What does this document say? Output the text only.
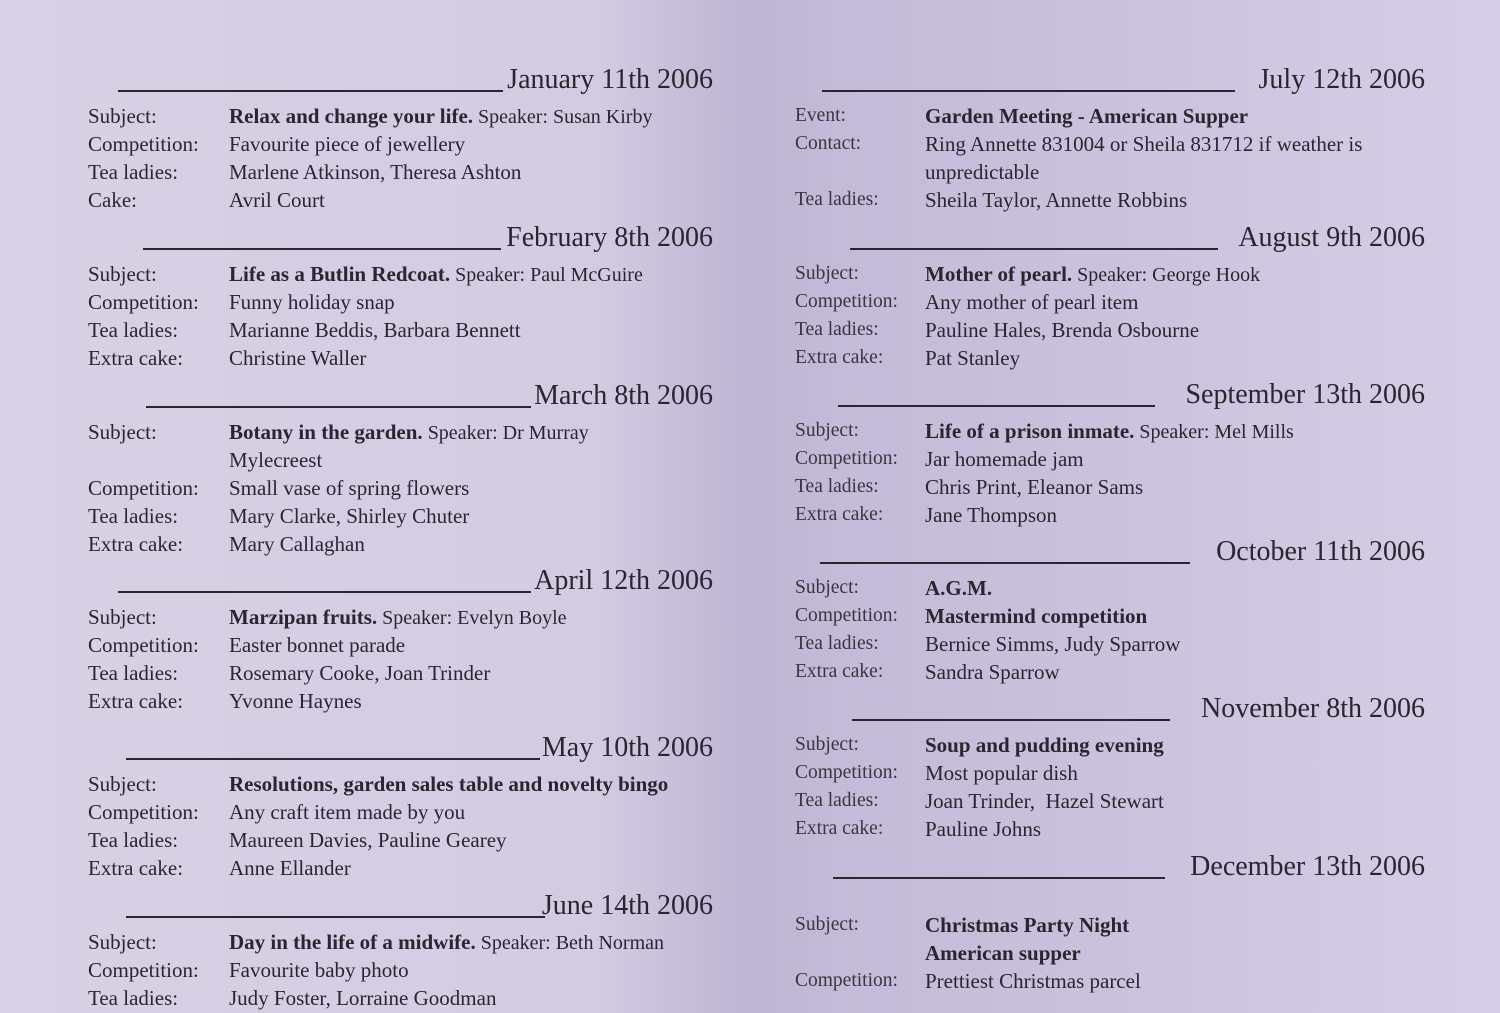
January 11th 2006
Subject:	Relax and change your life. Speaker: Susan Kirby
Competition:	Favourite piece of jewellery
Tea ladies:	Marlene Atkinson, Theresa Ashton
Cake:	Avril Court
February 8th 2006
Subject:	Life as a Butlin Redcoat. Speaker: Paul McGuire
Competition:	Funny holiday snap
Tea ladies:	Marianne Beddis, Barbara Bennett
Extra cake:	Christine Waller
March 8th 2006
Subject:	Botany in the garden. Speaker: Dr Murray
Mylecreest
Competition:	Small vase of spring flowers
Tea ladies:	Mary Clarke, Shirley Chuter
Extra cake:	Mary Callaghan
April 12th 2006
Subject:	Marzipan fruits. Speaker: Evelyn Boyle
Competition:	Easter bonnet parade
Tea ladies:	Rosemary Cooke, Joan Trinder
Extra cake:	Yvonne Haynes
May 10th 2006
Subject:	Resolutions, garden sales table and novelty bingo
Competition:	Any craft item made by you
Tea ladies:	Maureen Davies, Pauline Gearey
Extra cake:	Anne Ellander
June 14th 2006
Subject:	Day in the life of a midwife. Speaker: Beth Norman
Competition:	Favourite baby photo
Tea ladies:	Judy Foster, Lorraine Goodman
July 12th 2006
Event:	Garden Meeting - American Supper
Contact:	Ring Annette 831004 or Sheila 831712 if weather is
unpredictable
Tea ladies:	Sheila Taylor, Annette Robbins
August 9th 2006
Subject:	Mother of pearl. Speaker: George Hook
Competition:	Any mother of pearl item
Tea ladies:	Pauline Hales, Brenda Osbourne
Extra cake:	Pat Stanley
September 13th 2006
Subject:	Life of a prison inmate. Speaker: Mel Mills
Competition:	Jar homemade jam
Tea ladies:	Chris Print, Eleanor Sams
Extra cake:	Jane Thompson
October 11th 2006
Subject:	A.G.M.
Competition:	Mastermind competition
Tea ladies:	Bernice Simms, Judy Sparrow
Extra cake:	Sandra Sparrow
November 8th 2006
Subject:	Soup and pudding evening
Competition:	Most popular dish
Tea ladies:	Joan Trinder,  Hazel Stewart
Extra cake:	Pauline Johns
December 13th 2006
Subject:	Christmas Party Night
American supper
Competition:	Prettiest Christmas parcel
